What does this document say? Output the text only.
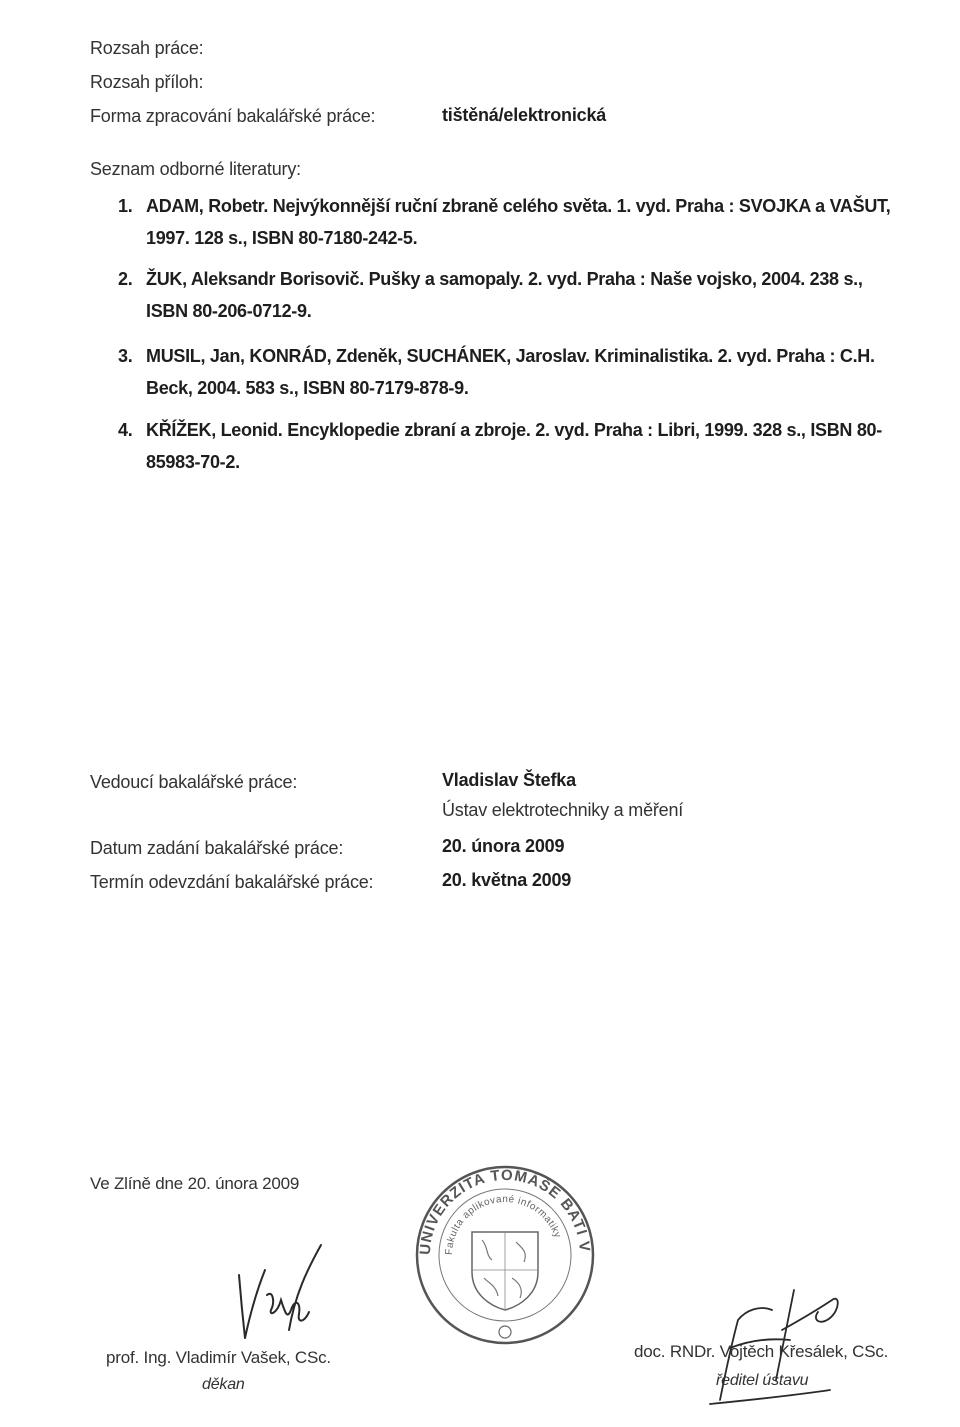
Rozsah práce:
Rozsah příloh:
Forma zpracování bakalářské práce:	tištěná/elektronická
Seznam odborné literatury:
1. ADAM, Robetr. Nejvýkonnější ruční zbraně celého světa. 1. vyd. Praha : SVOJKA a VAŠUT, 1997. 128 s., ISBN 80-7180-242-5.
2. ŽUK, Aleksandr Borisovič. Pušky a samopaly. 2. vyd. Praha : Naše vojsko, 2004. 238 s., ISBN 80-206-0712-9.
3. MUSIL, Jan, KONRÁD, Zdeněk, SUCHÁNEK, Jaroslav. Kriminalistika. 2. vyd. Praha : C.H. Beck, 2004. 583 s., ISBN 80-7179-878-9.
4. KŘÍŽEK, Leonid. Encyklopedie zbraní a zbroje. 2. vyd. Praha : Libri, 1999. 328 s., ISBN 80-85983-70-2.
Vedoucí bakalářské práce:	Vladislav Štefka
Ústav elektrotechniky a měření
Datum zadání bakalářské práce:	20. února 2009
Termín odevzdání bakalářské práce:	20. května 2009
Ve Zlíně dne 20. února 2009
prof. Ing. Vladimír Vašek, CSc.
děkan
UNIVERZITA TOMÁŠE BATI VE ZLÍNĚ
Fakulta aplikované informatiky
doc. RNDr. Vojtěch Křesálek, CSc.
ředitel ústavu
